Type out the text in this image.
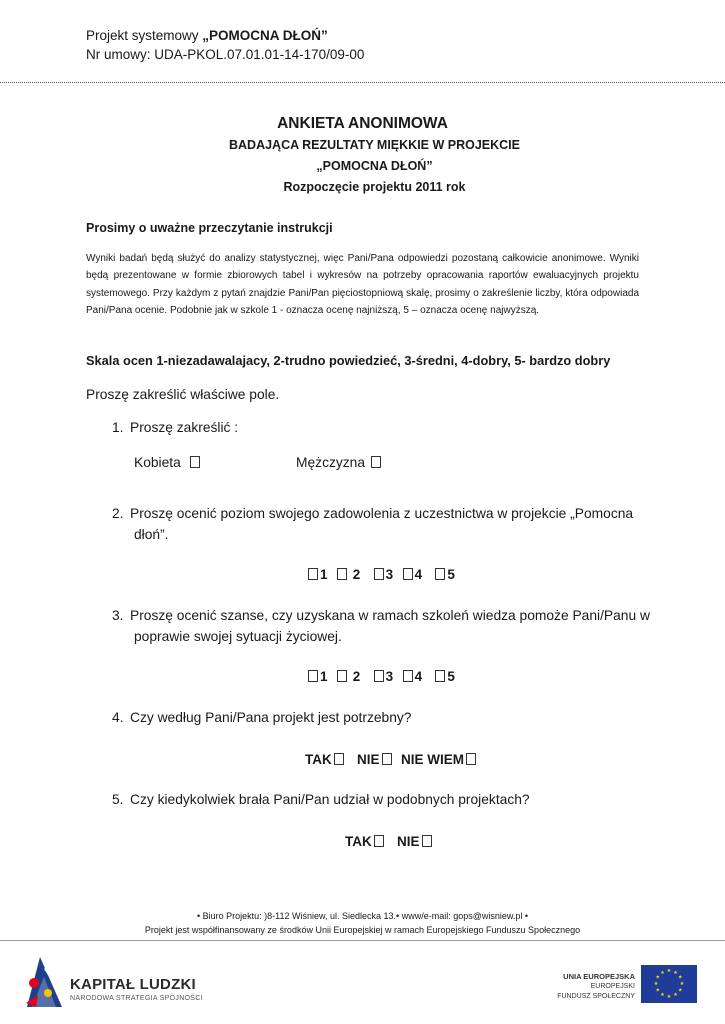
Projekt systemowy „POMOCNA DŁOŃ”
Nr umowy: UDA-PKOL.07.01.01-14-170/09-00
ANKIETA ANONIMOWA
BADAJĄCA REZULTATY MIĘKKIE W PROJEKCIE
„POMOCNA DŁOŃ”
Rozpoczęcie projektu 2011 rok
Prosimy o uważne przeczytanie instrukcji
Wyniki badań będą służyć do analizy statystycznej, więc Pani/Pana odpowiedzi pozostaną całkowicie anonimowe. Wyniki będą prezentowane w formie zbiorowych tabel i wykresów na potrzeby opracowania raportów ewaluacyjnych projektu systemowego. Przy każdym z pytań znajdzie Pani/Pan pięciostopniową skalę, prosimy o zakreślenie liczby, która odpowiada Pani/Pana ocenie. Podobnie jak w szkole 1 - oznacza ocenę najniższą, 5 – oznacza ocenę najwyższą.
Skala ocen 1-niezadawalajacy, 2-trudno powiedzieć, 3-średni, 4-dobry, 5- bardzo dobry
Proszę zakreślić właściwe pole.
1. Proszę zakreślić :
Kobieta	Mężczyzna
2. Proszę ocenić poziom swojego zadowolenia z uczestnictwa w projekcie „Pomocna
dłoń”.
1 2 3 4 5
3. Proszę ocenić szanse, czy uzyskana w ramach szkoleń wiedza pomoże Pani/Panu w
poprawie swojej sytuacji życiowej.
1 2 3 4 5
4. Czy według Pani/Pana projekt jest potrzebny?
TAK NIE NIE WIEM
5. Czy kiedykolwiek brała Pani/Pan udział w podobnych projektach?
TAK NIE
• Biuro Projektu: )8-112 Wiśniew, ul. Siedlecka 13.• www/e-mail: gops@wisniew.pl •
Projekt jest współfinansowany ze środków Unii Europejskiej w ramach Europejskiego Funduszu Społecznego
KAPITAŁ LUDZKI
NARODOWA STRATEGIA SPÓJNOŚCI
UNIA EUROPEJSKA
EUROPEJSKI
FUNDUSZ SPOŁECZNY
★ ★
★
★
★
★
★
★
★
★
★
★
